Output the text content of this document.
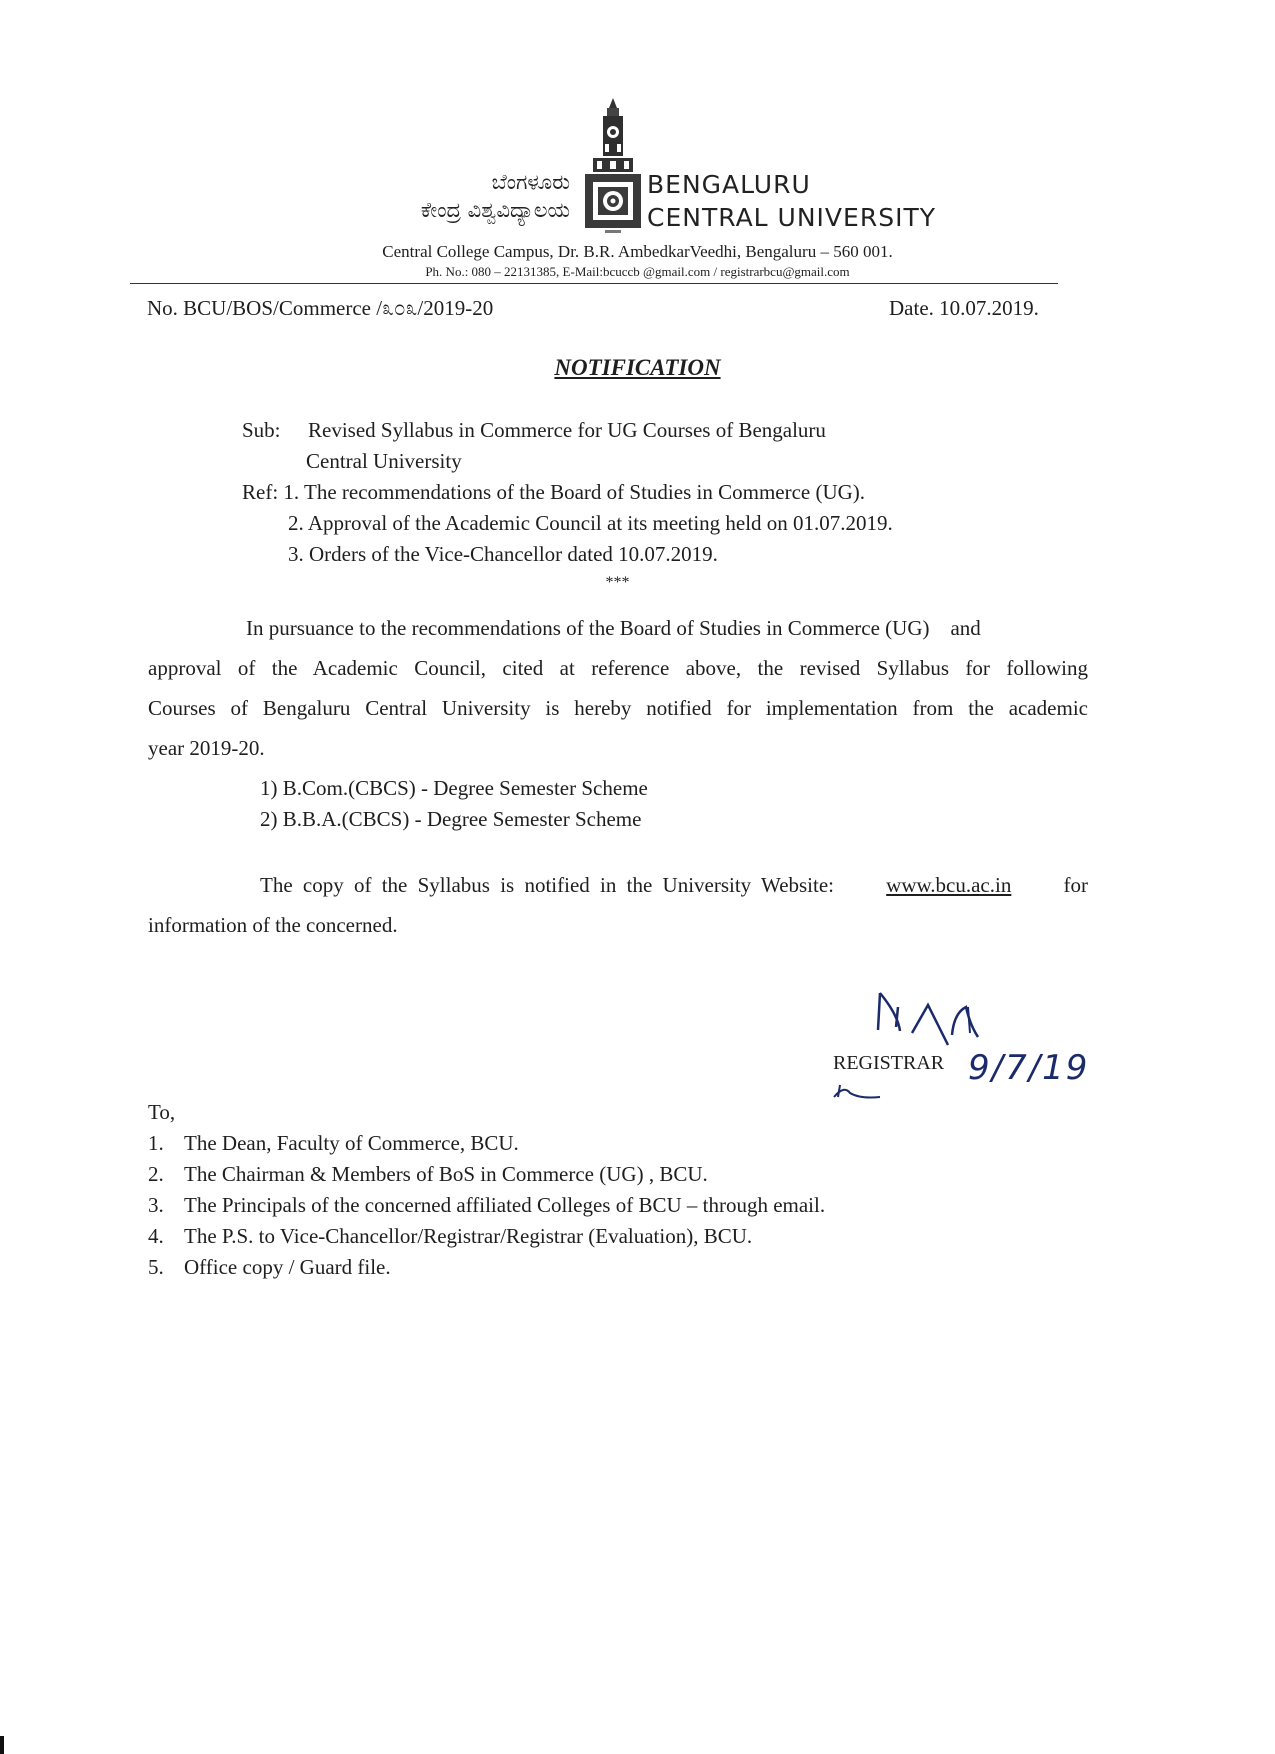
ಬೆಂಗಳೂರು
ಕೇಂದ್ರ ವಿಶ್ವವಿದ್ಯಾಲಯ
BENGALURU
CENTRAL UNIVERSITY
Central College Campus, Dr. B.R. AmbedkarVeedhi, Bengaluru – 560 001.
Ph. No.: 080 – 22131385, E-Mail:bcuccb @gmail.com / registrarbcu@gmail.com
No. BCU/BOS/Commerce /೩೦೩/2019-20	Date. 10.07.2019.
NOTIFICATION
Sub: Revised Syllabus in Commerce for UG Courses of Bengaluru
Central University
Ref: 1. The recommendations of the Board of Studies in Commerce (UG).
2. Approval of the Academic Council at its meeting held on 01.07.2019.
3. Orders of the Vice-Chancellor dated 10.07.2019.
***
In pursuance to the recommendations of the Board of Studies in Commerce (UG)    and
approval of the Academic Council, cited at reference above, the revised Syllabus for following
Courses of Bengaluru Central University is hereby notified for implementation from the academic
year 2019-20.
1) B.Com.(CBCS) - Degree Semester Scheme
2) B.B.A.(CBCS) - Degree Semester Scheme
The copy of the Syllabus is notified in the University Website: www.bcu.ac.in for
information of the concerned.
REGISTRAR 9/7/19
To,
1. The Dean, Faculty of Commerce, BCU.
2. The Chairman & Members of BoS in Commerce (UG) , BCU.
3. The Principals of the concerned affiliated Colleges of BCU – through email.
4. The P.S. to Vice-Chancellor/Registrar/Registrar (Evaluation), BCU.
5. Office copy / Guard file.
